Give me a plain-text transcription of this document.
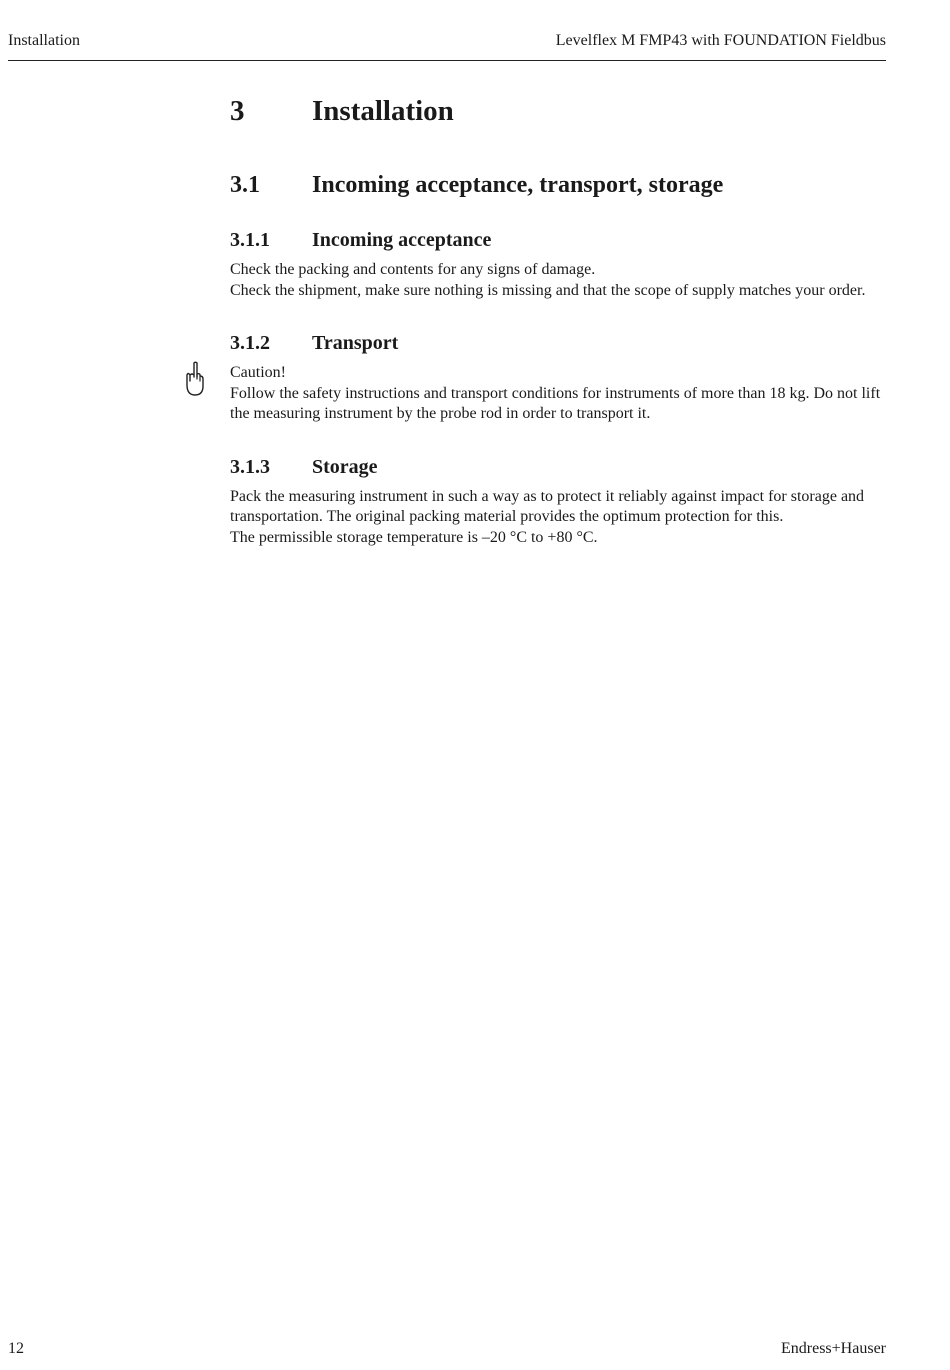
Installation	Levelflex M FMP43 with FOUNDATION Fieldbus
3 Installation
3.1 Incoming acceptance, transport, storage
3.1.1 Incoming acceptance

Check the packing and contents for any signs of damage.

Check the shipment, make sure nothing is missing and that the scope of supply matches your order.

3.1.2 Transport

Caution!

Follow the safety instructions and transport conditions for instruments of more than 18 kg. Do not lift the measuring instrument by the probe rod in order to transport it.

3.1.3 Storage

Pack the measuring instrument in such a way as to protect it reliably against impact for storage and transportation. The original packing material provides the optimum protection for this.

The permissible storage temperature is –20 °C to +80 °C.

12	Endress+Hauser
